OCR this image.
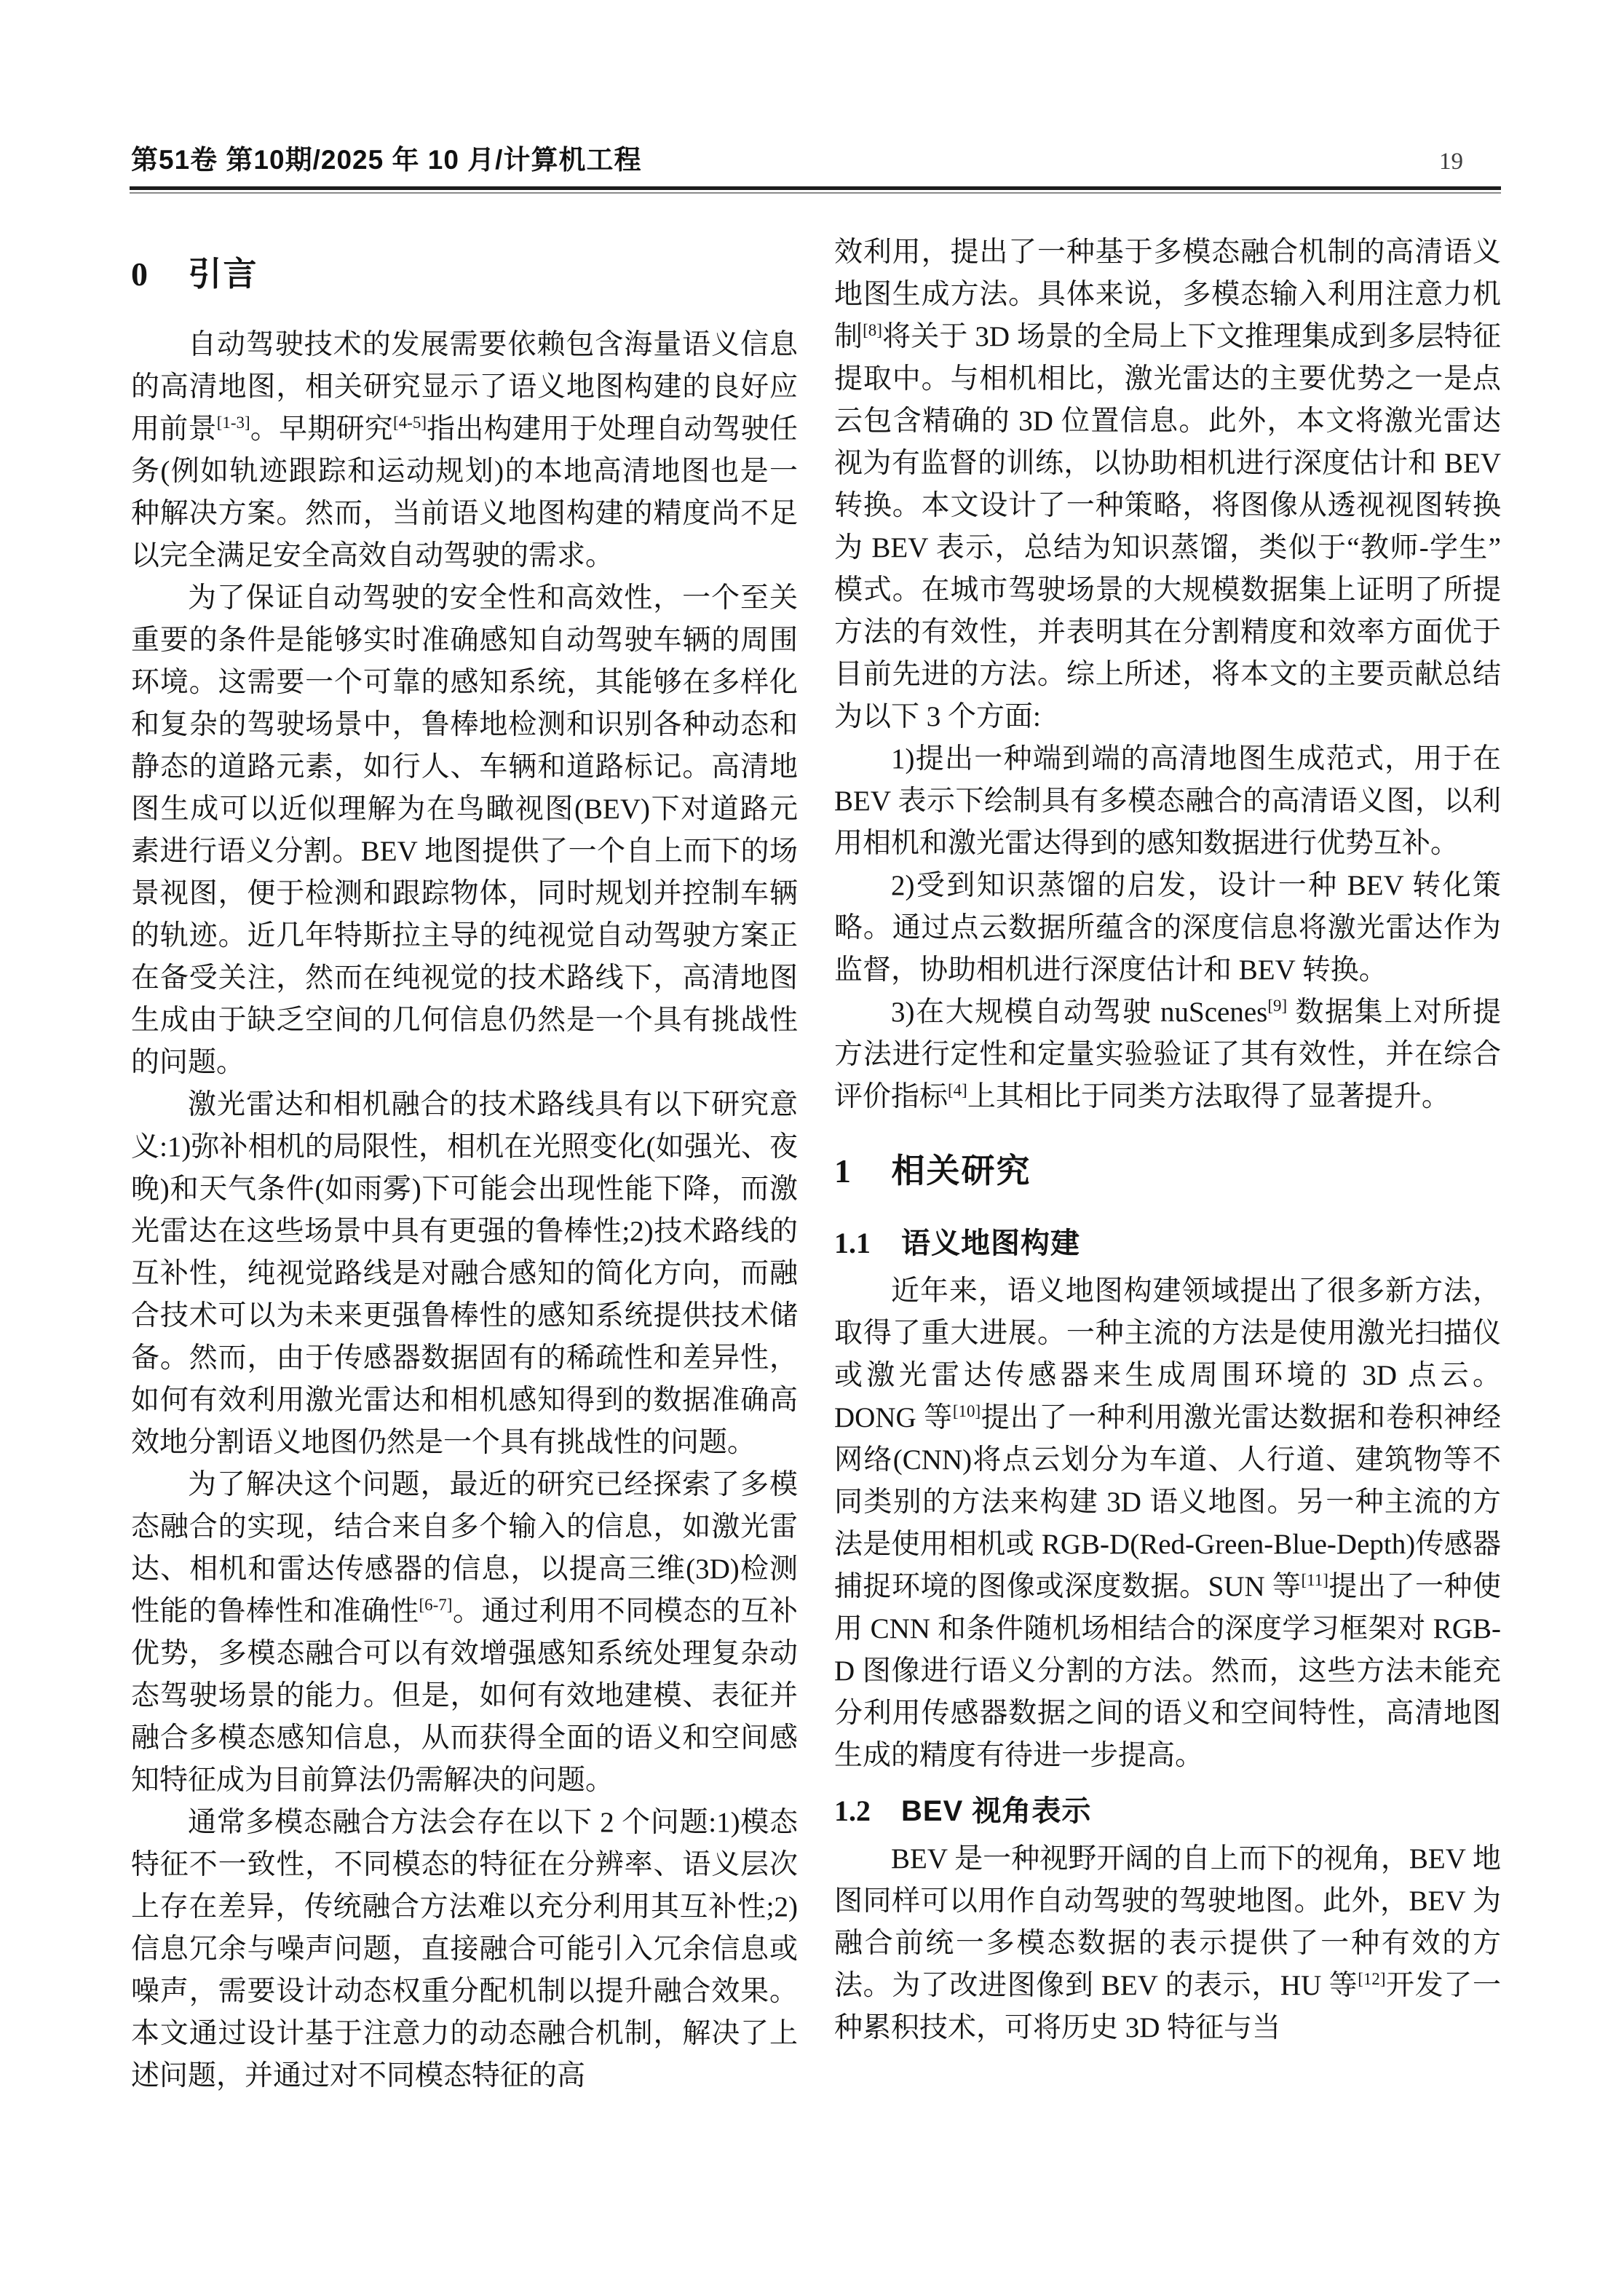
第51卷 第10期/2025 年 10 月/计算机工程	19
0 引言

自动驾驶技术的发展需要依赖包含海量语义信息的高清地图，相关研究显示了语义地图构建的良好应用前景[1-3]。早期研究[4-5]指出构建用于处理自动驾驶任务(例如轨迹跟踪和运动规划)的本地高清地图也是一种解决方案。然而，当前语义地图构建的精度尚不足以完全满足安全高效自动驾驶的需求。

为了保证自动驾驶的安全性和高效性，一个至关重要的条件是能够实时准确感知自动驾驶车辆的周围环境。这需要一个可靠的感知系统，其能够在多样化和复杂的驾驶场景中，鲁棒地检测和识别各种动态和静态的道路元素，如行人、车辆和道路标记。高清地图生成可以近似理解为在鸟瞰视图(BEV)下对道路元素进行语义分割。BEV 地图提供了一个自上而下的场景视图，便于检测和跟踪物体，同时规划并控制车辆的轨迹。近几年特斯拉主导的纯视觉自动驾驶方案正在备受关注，然而在纯视觉的技术路线下，高清地图生成由于缺乏空间的几何信息仍然是一个具有挑战性的问题。

激光雷达和相机融合的技术路线具有以下研究意义:1)弥补相机的局限性，相机在光照变化(如强光、夜晚)和天气条件(如雨雾)下可能会出现性能下降，而激光雷达在这些场景中具有更强的鲁棒性;2)技术路线的互补性，纯视觉路线是对融合感知的简化方向，而融合技术可以为未来更强鲁棒性的感知系统提供技术储备。然而，由于传感器数据固有的稀疏性和差异性，如何有效利用激光雷达和相机感知得到的数据准确高效地分割语义地图仍然是一个具有挑战性的问题。

为了解决这个问题，最近的研究已经探索了多模态融合的实现，结合来自多个输入的信息，如激光雷达、相机和雷达传感器的信息，以提高三维(3D)检测性能的鲁棒性和准确性[6-7]。通过利用不同模态的互补优势，多模态融合可以有效增强感知系统处理复杂动态驾驶场景的能力。但是，如何有效地建模、表征并融合多模态感知信息，从而获得全面的语义和空间感知特征成为目前算法仍需解决的问题。

通常多模态融合方法会存在以下 2 个问题:1)模态特征不一致性，不同模态的特征在分辨率、语义层次上存在差异，传统融合方法难以充分利用其互补性;2)信息冗余与噪声问题，直接融合可能引入冗余信息或噪声，需要设计动态权重分配机制以提升融合效果。本文通过设计基于注意力的动态融合机制，解决了上述问题，并通过对不同模态特征的高

效利用，提出了一种基于多模态融合机制的高清语义地图生成方法。具体来说，多模态输入利用注意力机制[8]将关于 3D 场景的全局上下文推理集成到多层特征提取中。与相机相比，激光雷达的主要优势之一是点云包含精确的 3D 位置信息。此外，本文将激光雷达视为有监督的训练，以协助相机进行深度估计和 BEV 转换。本文设计了一种策略，将图像从透视视图转换为 BEV 表示，总结为知识蒸馏，类似于“教师-学生”模式。在城市驾驶场景的大规模数据集上证明了所提方法的有效性，并表明其在分割精度和效率方面优于目前先进的方法。综上所述，将本文的主要贡献总结为以下 3 个方面:

1)提出一种端到端的高清地图生成范式，用于在 BEV 表示下绘制具有多模态融合的高清语义图，以利用相机和激光雷达得到的感知数据进行优势互补。

2)受到知识蒸馏的启发，设计一种 BEV 转化策略。通过点云数据所蕴含的深度信息将激光雷达作为监督，协助相机进行深度估计和 BEV 转换。

3)在大规模自动驾驶 nuScenes[9] 数据集上对所提方法进行定性和定量实验验证了其有效性，并在综合评价指标[4]上其相比于同类方法取得了显著提升。

1 相关研究
1.1 语义地图构建

近年来，语义地图构建领域提出了很多新方法，取得了重大进展。一种主流的方法是使用激光扫描仪或激光雷达传感器来生成周围环境的 3D 点云。DONG 等[10]提出了一种利用激光雷达数据和卷积神经网络(CNN)将点云划分为车道、人行道、建筑物等不同类别的方法来构建 3D 语义地图。另一种主流的方法是使用相机或 RGB-D(Red-Green-Blue-Depth)传感器捕捉环境的图像或深度数据。SUN 等[11]提出了一种使用 CNN 和条件随机场相结合的深度学习框架对 RGB-D 图像进行语义分割的方法。然而，这些方法未能充分利用传感器数据之间的语义和空间特性，高清地图生成的精度有待进一步提高。

1.2 BEV 视角表示

BEV 是一种视野开阔的自上而下的视角，BEV 地图同样可以用作自动驾驶的驾驶地图。此外，BEV 为融合前统一多模态数据的表示提供了一种有效的方法。为了改进图像到 BEV 的表示，HU 等[12]开发了一种累积技术，可将历史 3D 特征与当
